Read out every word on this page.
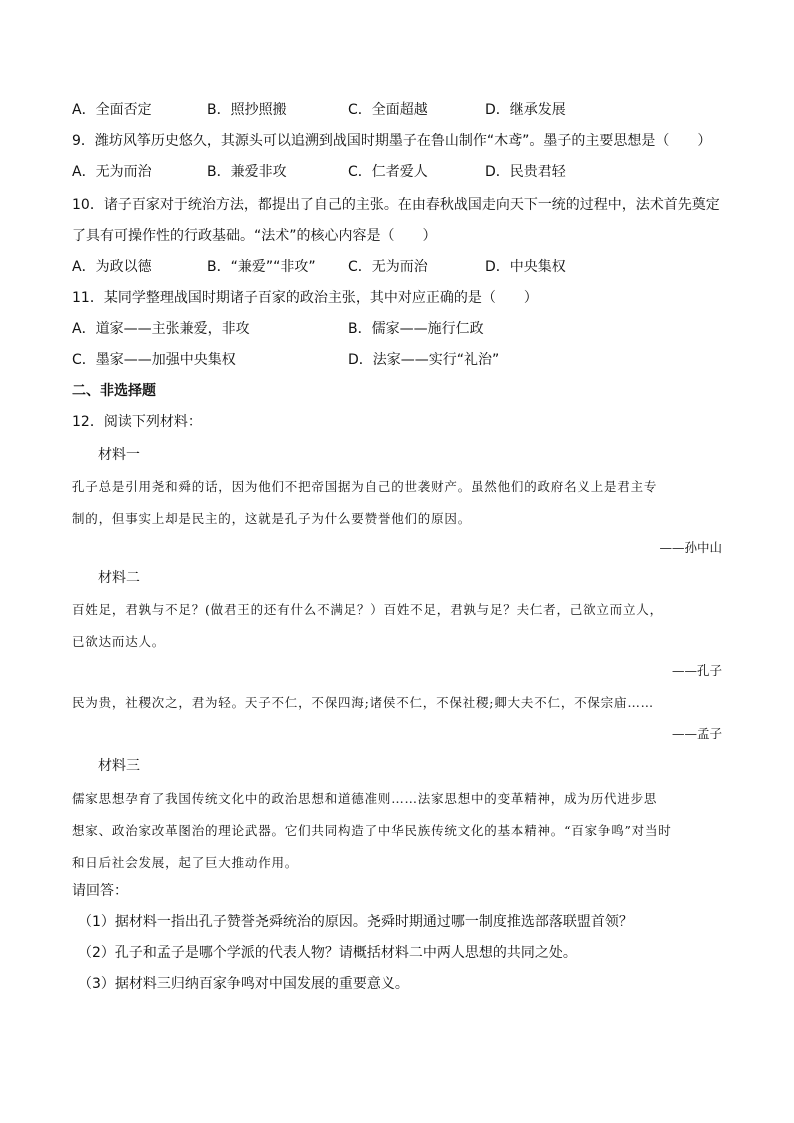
A．全面否定	B．照抄照搬	C．全面超越	D．继承发展
9．潍坊风筝历史悠久，其源头可以追溯到战国时期墨子在鲁山制作“木鸢”。墨子的主要思想是（　　）
A．无为而治	B．兼爱非攻	C．仁者爱人	D．民贵君轻
10．诸子百家对于统治方法，都提出了自己的主张。在由春秋战国走向天下一统的过程中，法术首先奠定
了具有可操作性的行政基础。“法术”的核心内容是（　　）
A．为政以德	B．“兼爱”“非攻” C．无为而治	D．中央集权
11．某同学整理战国时期诸子百家的政治主张，其中对应正确的是（　　）
A．道家——主张兼爱，非攻	B．儒家——施行仁政
C．墨家——加强中央集权	D．法家——实行“礼治”
二、非选择题
12．阅读下列材料：
材料一
孔子总是引用尧和舜的话，因为他们不把帝国据为自己的世袭财产。虽然他们的政府名义上是君主专
制的，但事实上却是民主的，这就是孔子为什么要赞誉他们的原因。
——孙中山
材料二
百姓足，君孰与不足？(做君王的还有什么不满足？）百姓不足，君孰与足？夫仁者，己欲立而立人，
已欲达而达人。
——孔子
民为贵，社稷次之，君为轻。天子不仁，不保四海;诸侯不仁，不保社稷;卿大夫不仁，不保宗庙……
——孟子
材料三
儒家思想孕育了我国传统文化中的政治思想和道德准则……法家思想中的变革精神，成为历代进步思
想家、政治家改革图治的理论武器。它们共同构造了中华民族传统文化的基本精神。“百家争鸣”对当时
和日后社会发展，起了巨大推动作用。
请回答：
（1）据材料一指出孔子赞誉尧舜统治的原因。尧舜时期通过哪一制度推选部落联盟首领？
（2）孔子和孟子是哪个学派的代表人物？请概括材料二中两人思想的共同之处。
（3）据材料三归纳百家争鸣对中国发展的重要意义。
